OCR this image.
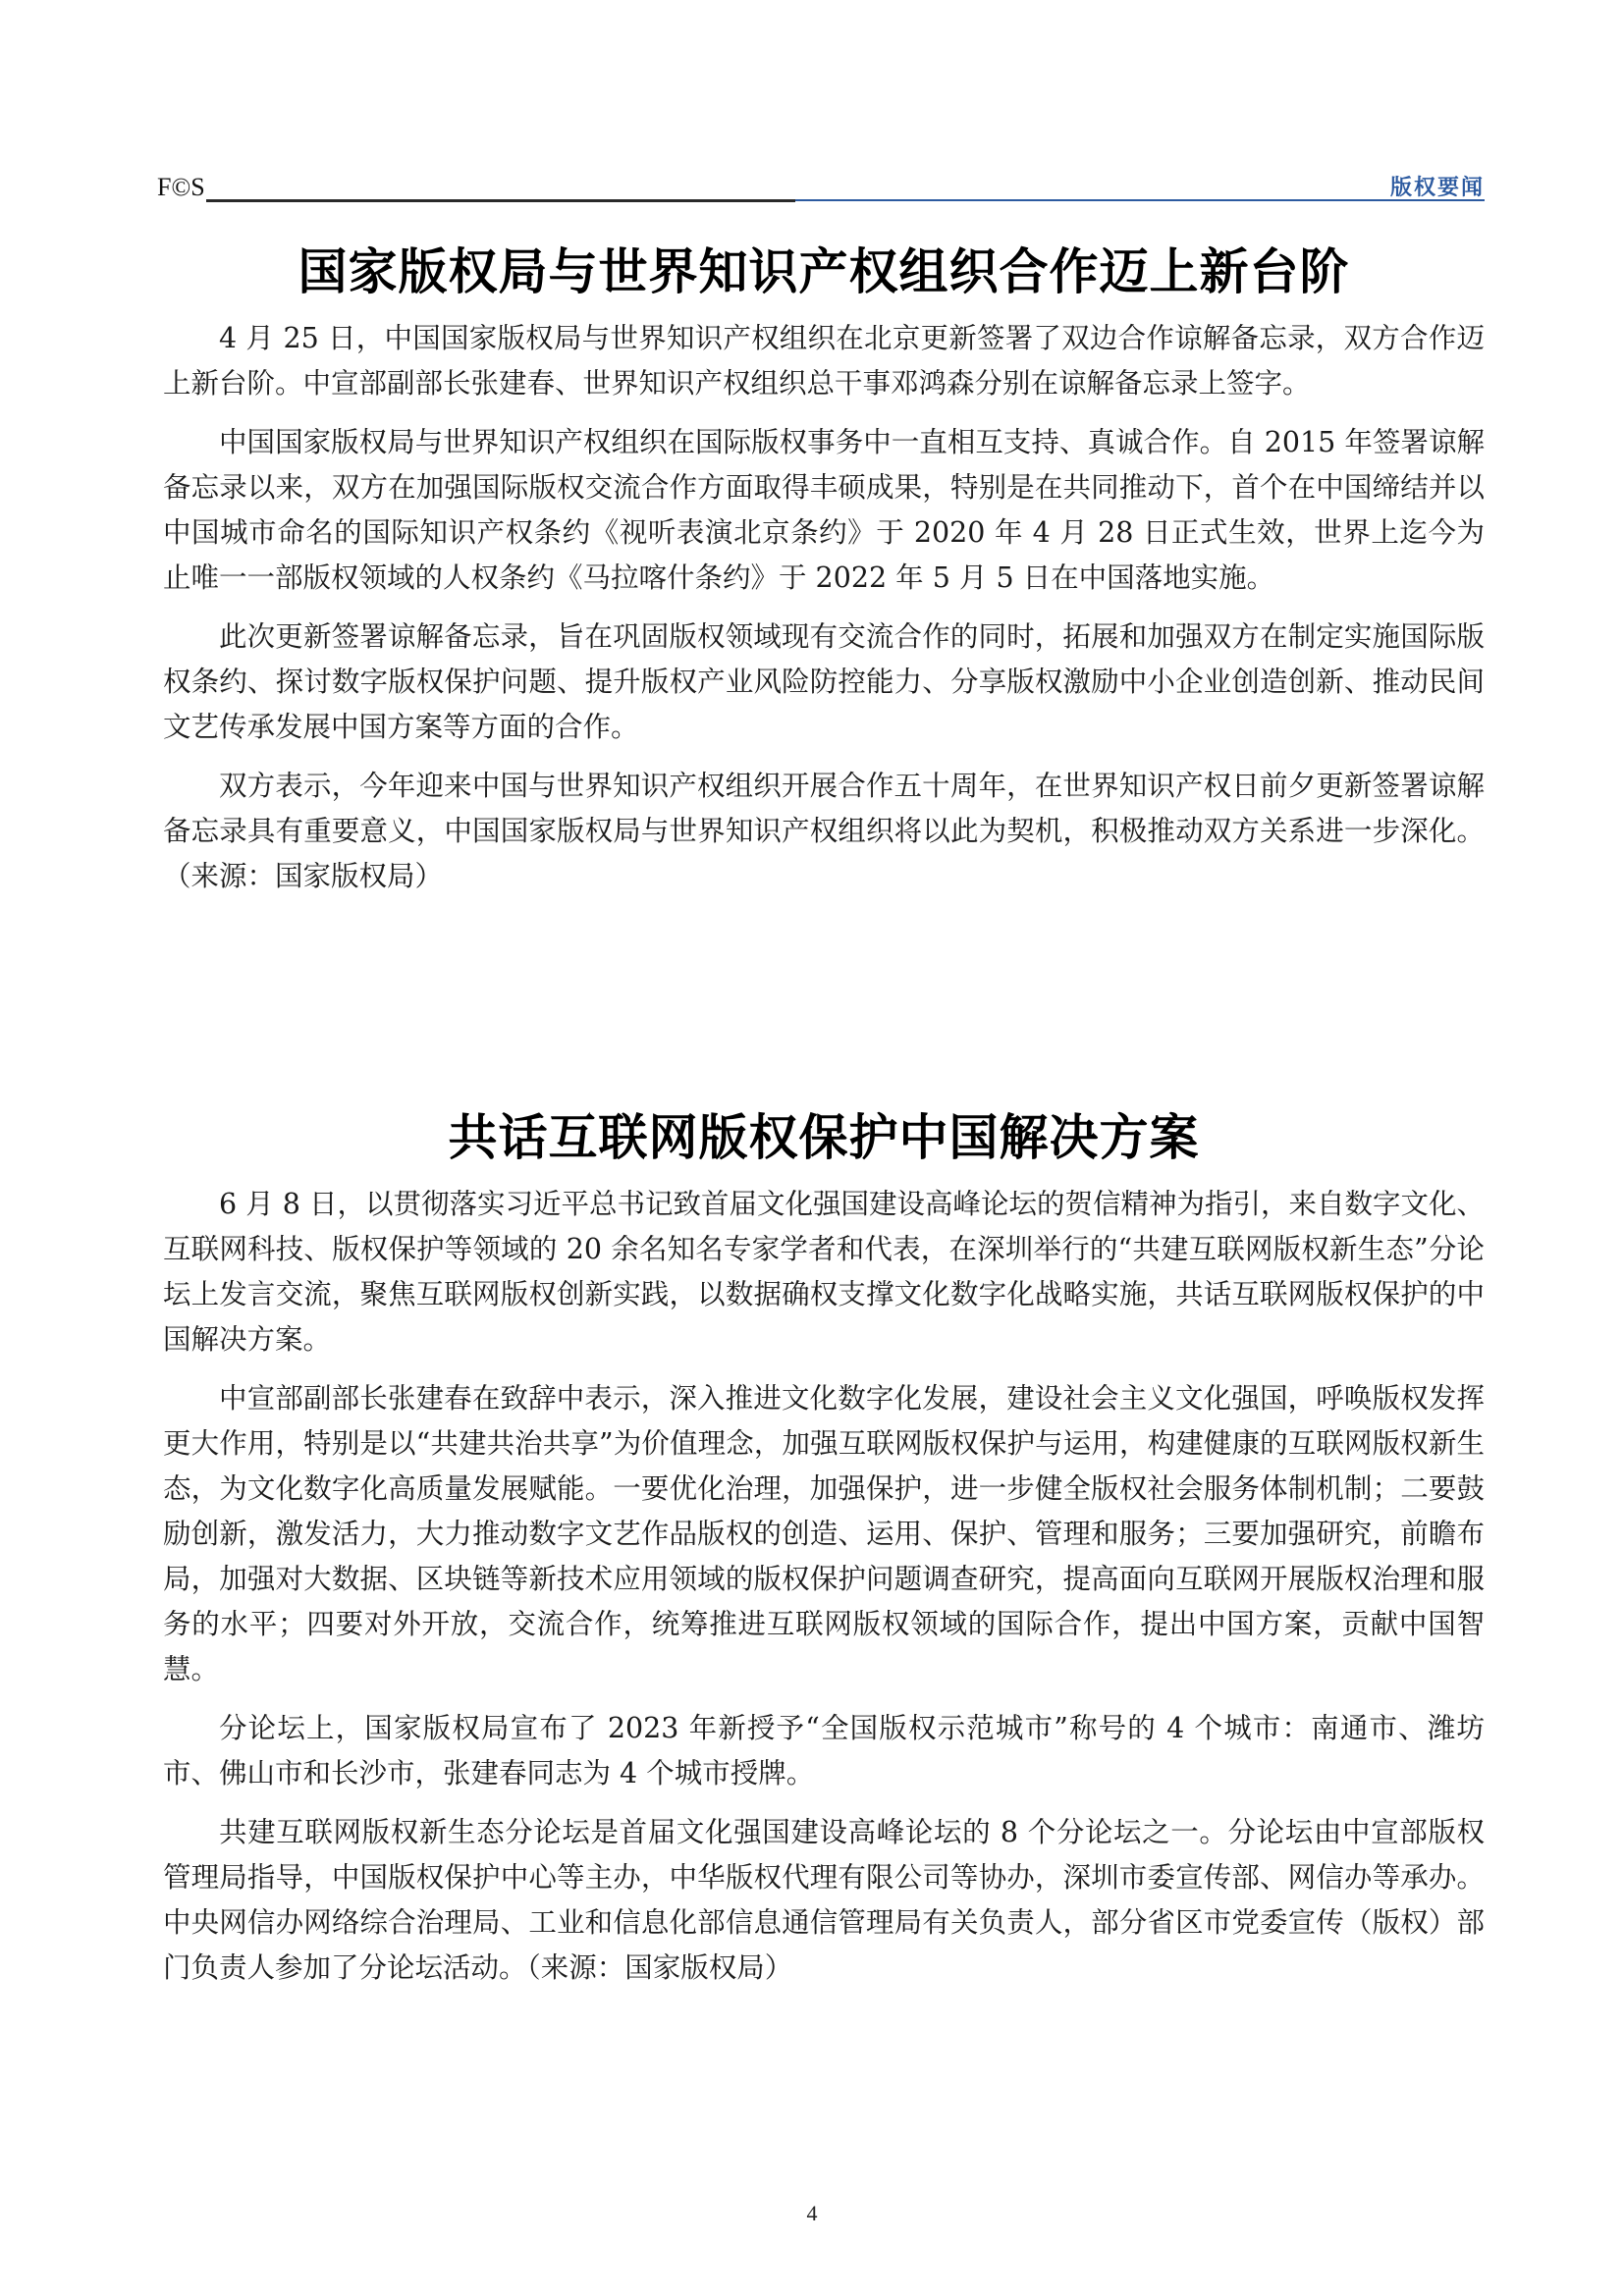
F©S	版权要闻
国家版权局与世界知识产权组织合作迈上新台阶

4 月 25 日，中国国家版权局与世界知识产权组织在北京更新签署了双边合作谅解备忘录，双方合作迈上新台阶。中宣部副部长张建春、世界知识产权组织总干事邓鸿森分别在谅解备忘录上签字。

中国国家版权局与世界知识产权组织在国际版权事务中一直相互支持、真诚合作。自 2015 年签署谅解备忘录以来，双方在加强国际版权交流合作方面取得丰硕成果，特别是在共同推动下，首个在中国缔结并以中国城市命名的国际知识产权条约《视听表演北京条约》于 2020 年 4 月 28 日正式生效，世界上迄今为止唯一一部版权领域的人权条约《马拉喀什条约》于 2022 年 5 月 5 日在中国落地实施。

此次更新签署谅解备忘录，旨在巩固版权领域现有交流合作的同时，拓展和加强双方在制定实施国际版权条约、探讨数字版权保护问题、提升版权产业风险防控能力、分享版权激励中小企业创造创新、推动民间文艺传承发展中国方案等方面的合作。

双方表示，今年迎来中国与世界知识产权组织开展合作五十周年，在世界知识产权日前夕更新签署谅解备忘录具有重要意义，中国国家版权局与世界知识产权组织将以此为契机，积极推动双方关系进一步深化。（来源：国家版权局）

共话互联网版权保护中国解决方案

6 月 8 日，以贯彻落实习近平总书记致首届文化强国建设高峰论坛的贺信精神为指引，来自数字文化、互联网科技、版权保护等领域的 20 余名知名专家学者和代表，在深圳举行的“共建互联网版权新生态”分论坛上发言交流，聚焦互联网版权创新实践，以数据确权支撑文化数字化战略实施，共话互联网版权保护的中国解决方案。

中宣部副部长张建春在致辞中表示，深入推进文化数字化发展，建设社会主义文化强国，呼唤版权发挥更大作用，特别是以“共建共治共享”为价值理念，加强互联网版权保护与运用，构建健康的互联网版权新生态，为文化数字化高质量发展赋能。一要优化治理，加强保护，进一步健全版权社会服务体制机制；二要鼓励创新，激发活力，大力推动数字文艺作品版权的创造、运用、保护、管理和服务；三要加强研究，前瞻布局，加强对大数据、区块链等新技术应用领域的版权保护问题调查研究，提高面向互联网开展版权治理和服务的水平；四要对外开放，交流合作，统筹推进互联网版权领域的国际合作，提出中国方案，贡献中国智慧。

分论坛上，国家版权局宣布了 2023 年新授予“全国版权示范城市”称号的 4 个城市：南通市、潍坊市、佛山市和长沙市，张建春同志为 4 个城市授牌。

共建互联网版权新生态分论坛是首届文化强国建设高峰论坛的 8 个分论坛之一。分论坛由中宣部版权管理局指导，中国版权保护中心等主办，中华版权代理有限公司等协办，深圳市委宣传部、网信办等承办。中央网信办网络综合治理局、工业和信息化部信息通信管理局有关负责人，部分省区市党委宣传（版权）部门负责人参加了分论坛活动。（来源：国家版权局）

4
